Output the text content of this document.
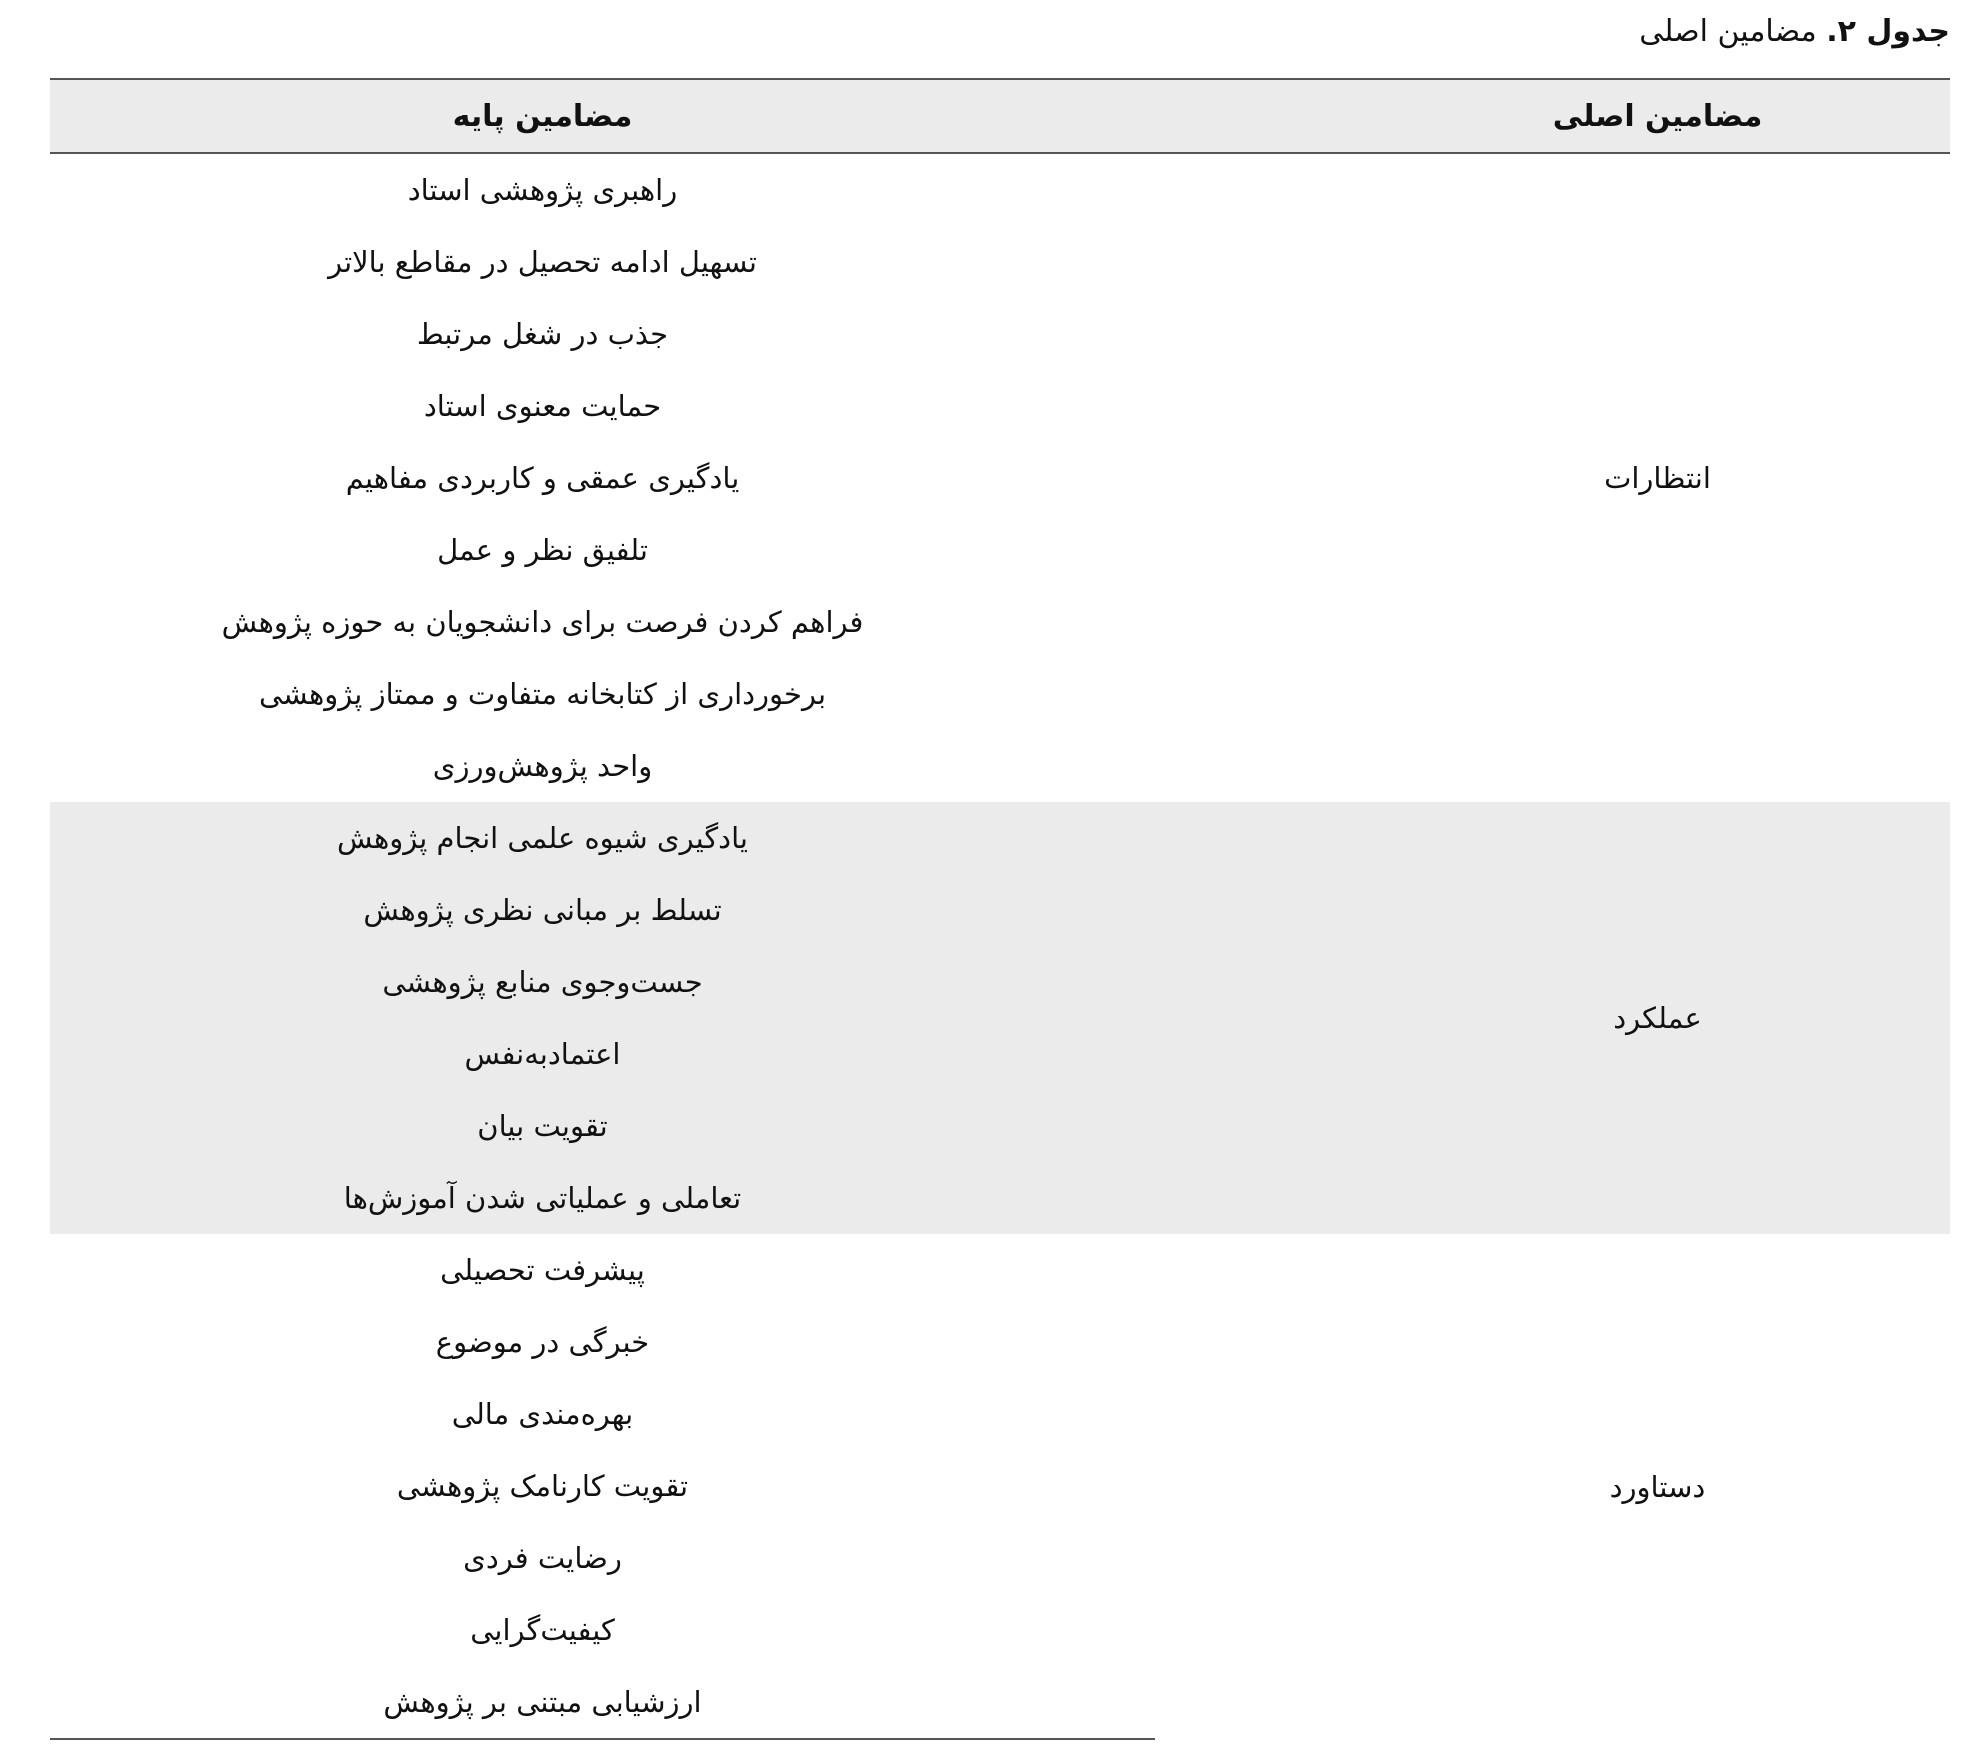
جدول ۲. مضامین اصلی
مضامین اصلی	مضامین پایه
انتظارات	راهبری پژوهشی استاد
	تسهیل ادامه تحصیل در مقاطع بالاتر
	جذب در شغل مرتبط
	حمایت معنوی استاد
	یادگیری عمقی و کاربردی مفاهیم
	تلفیق نظر و عمل
	فراهم کردن فرصت برای دانشجویان به حوزه پژوهش
	برخورداری از کتابخانه متفاوت و ممتاز پژوهشی
	واحد پژوهش‌ورزی
عملکرد	یادگیری شیوه علمی انجام پژوهش
	تسلط بر مبانی نظری پژوهش
	جست‌وجوی منابع پژوهشی
	اعتمادبه‌نفس
	تقویت بیان
	تعاملی و عملیاتی شدن آموزش‌ها
دستاورد	پیشرفت تحصیلی
	خبرگی در موضوع
	بهره‌مندی مالی
	تقویت کارنامک پژوهشی
	رضایت فردی
	کیفیت‌گرایی
	ارزشیابی مبتنی بر پژوهش
